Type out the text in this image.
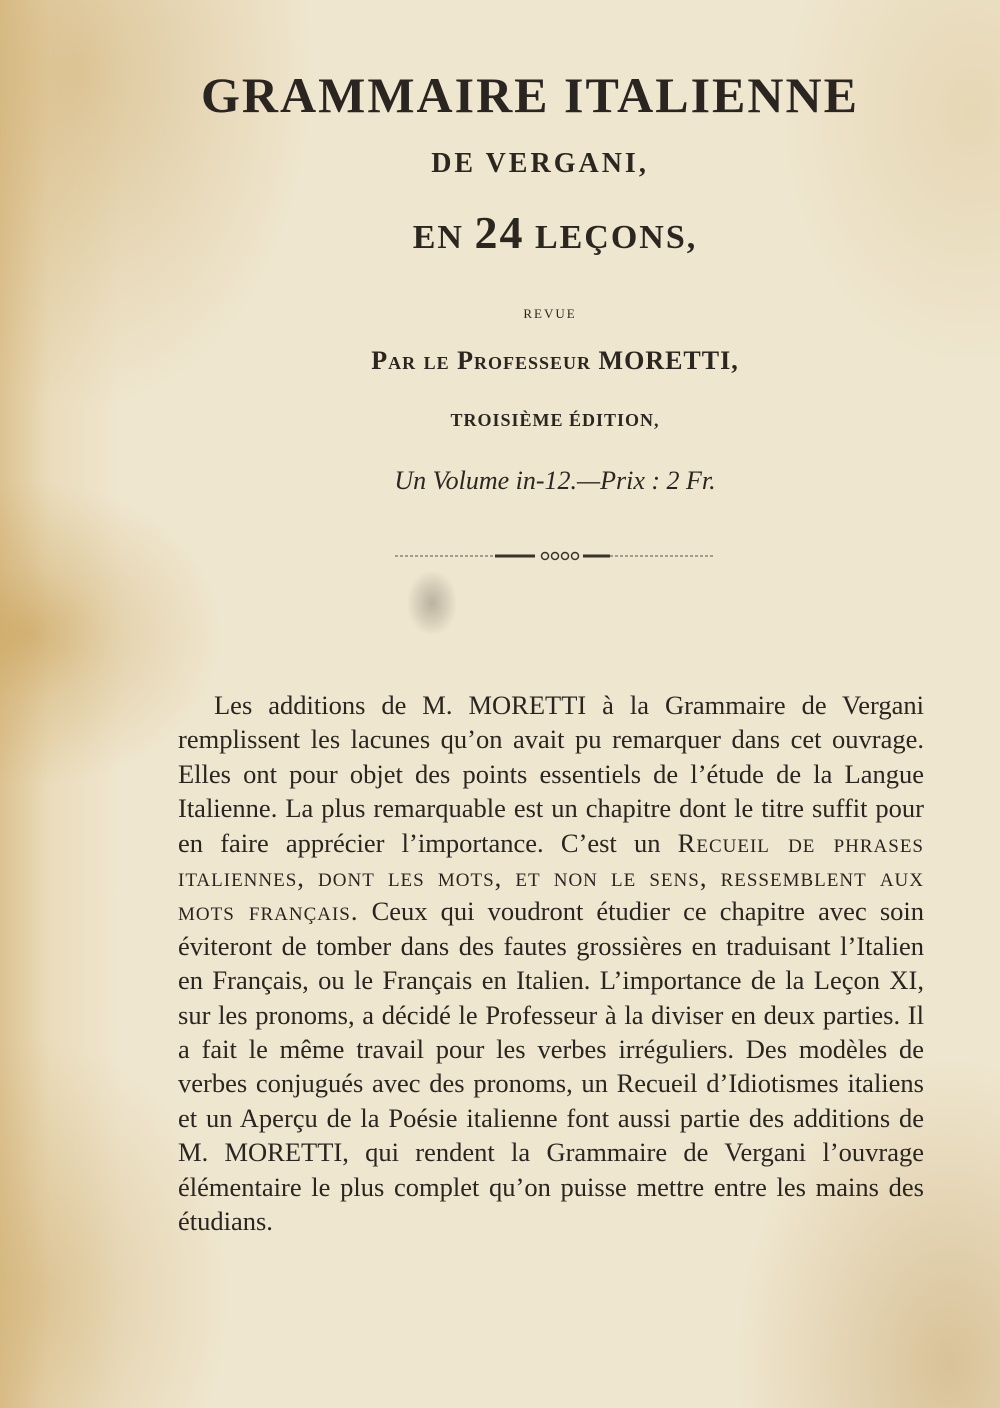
GRAMMAIRE ITALIENNE
DE VERGANI,
EN 24 LEÇONS,
REVUE
Par le Professeur MORETTI,
TROISIÈME ÉDITION,
Un Volume in-12.—Prix : 2 Fr.

Les additions de M. MORETTI à la Grammaire de Vergani remplissent les lacunes qu’on avait pu remarquer dans cet ouvrage. Elles ont pour objet des points essentiels de l’étude de la Langue Italienne. La plus remarquable est un chapitre dont le titre suffit pour en faire apprécier l’importance. C’est un Recueil de phrases italiennes, dont les mots, et non le sens, ressemblent aux mots français. Ceux qui voudront étudier ce chapitre avec soin éviteront de tomber dans des fautes grossières en traduisant l’Italien en Français, ou le Français en Italien. L’importance de la Leçon XI, sur les pronoms, a décidé le Professeur à la diviser en deux parties. Il a fait le même travail pour les verbes irréguliers. Des modèles de verbes conjugués avec des pronoms, un Recueil d’Idiotismes italiens et un Aperçu de la Poésie italienne font aussi partie des additions de M. MORETTI, qui rendent la Grammaire de Vergani l’ouvrage élémentaire le plus complet qu’on puisse mettre entre les mains des étudians.
